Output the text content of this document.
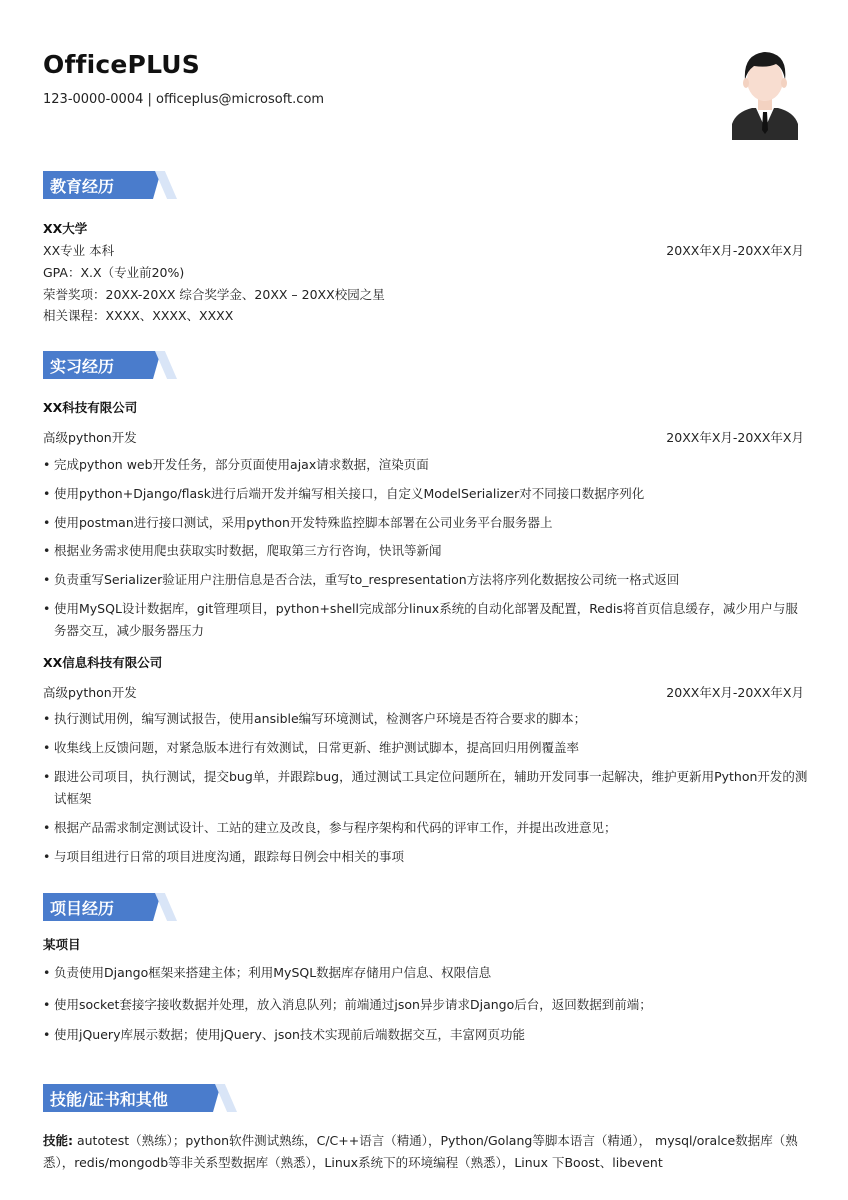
OfficePLUS
123-0000-0004 | officeplus@microsoft.com
教育经历
XX大学
XX专业 本科	20XX年X月-20XX年X月
GPA：X.X（专业前20%)
荣誉奖项：20XX-20XX 综合奖学金、20XX – 20XX校园之星
相关课程：XXXX、XXXX、XXXX
实习经历
XX科技有限公司
高级python开发	20XX年X月-20XX年X月
• 完成python web开发任务，部分页面使用ajax请求数据，渲染页面
• 使用python+Django/flask进行后端开发并编写相关接口，自定义ModelSerializer对不同接口数据序列化
• 使用postman进行接口测试，采用python开发特殊监控脚本部署在公司业务平台服务器上
• 根据业务需求使用爬虫获取实时数据，爬取第三方行咨询，快讯等新闻
• 负责重写Serializer验证用户注册信息是否合法，重写to_respresentation方法将序列化数据按公司统一格式返回
• 使用MySQL设计数据库，git管理项目，python+shell完成部分linux系统的自动化部署及配置，Redis将首页信息缓存，减少用户与服务器交互，减少服务器压力
XX信息科技有限公司
高级python开发	20XX年X月-20XX年X月
• 执行测试用例，编写测试报告，使用ansible编写环境测试，检测客户环境是否符合要求的脚本；
• 收集线上反馈问题，对紧急版本进行有效测试，日常更新、维护测试脚本，提高回归用例覆盖率
• 跟进公司项目，执行测试，提交bug单，并跟踪bug，通过测试工具定位问题所在，辅助开发同事一起解决，维护更新用Python开发的测试框架
• 根据产品需求制定测试设计、工站的建立及改良，参与程序架构和代码的评审工作，并提出改进意见；
• 与项目组进行日常的项目进度沟通，跟踪每日例会中相关的事项
项目经历
某项目
• 负责使用Django框架来搭建主体；利用MySQL数据库存储用户信息、权限信息
• 使用socket套接字接收数据并处理，放入消息队列；前端通过json异步请求Django后台，返回数据到前端；
• 使用jQuery库展示数据；使用jQuery、json技术实现前后端数据交互，丰富网页功能
技能/证书和其他
技能: autotest（熟练）；python软件测试熟练，C/C++语言（精通），Python/Golang等脚本语言（精通）， mysql/oralce数据库（熟悉），redis/mongodb等非关系型数据库（熟悉），Linux系统下的环境编程（熟悉），Linux 下Boost、libevent
